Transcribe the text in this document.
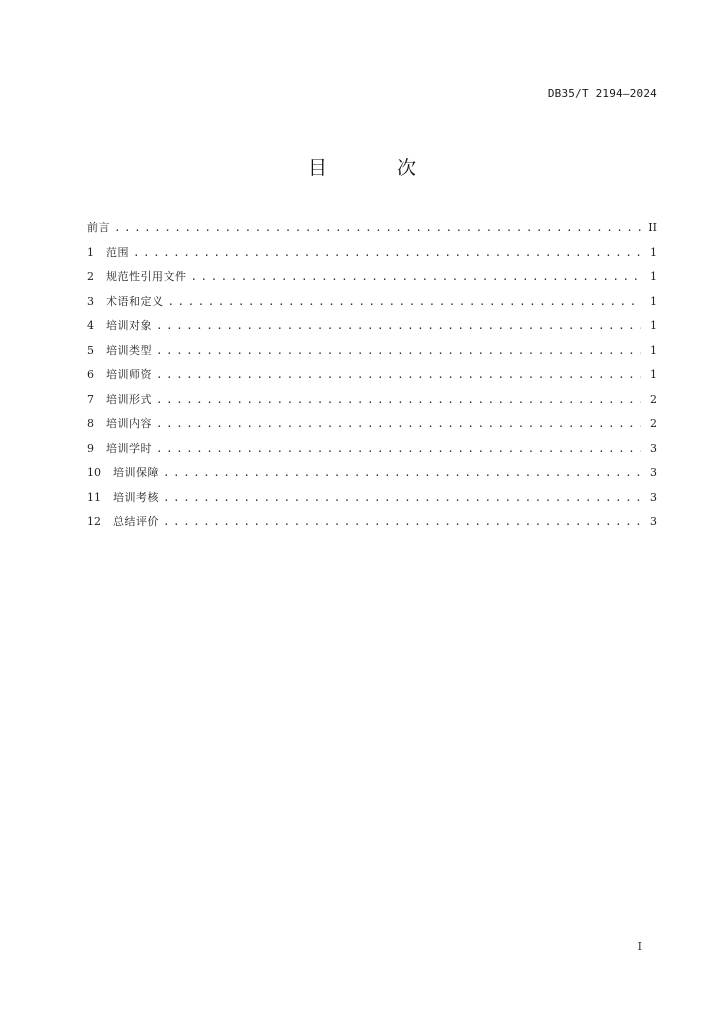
DB35/T 2194—2024
目 次
前言 . . .	II
1	范围 . . .	1
2	规范性引用文件 . . .	1
3	术语和定义 . . .	1
4	培训对象 . . .	1
5	培训类型 . . .	1
6	培训师资 . . .	1
7	培训形式 . . .	2
8	培训内容 . . .	2
9	培训学时 . . .	3
10	培训保障 . . .	3
11	培训考核 . . .	3
12	总结评价 . . .	3
I
